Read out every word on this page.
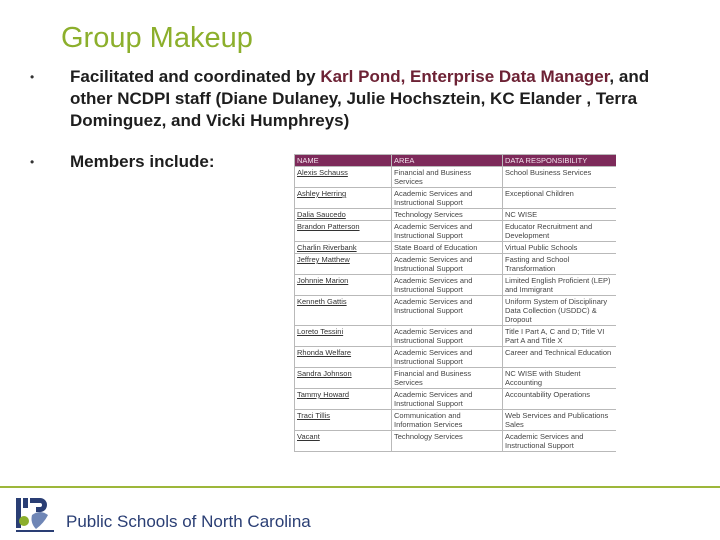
Group Makeup
•	Facilitated and coordinated by Karl Pond, Enterprise Data Manager, and other NCDPI staff (Diane Dulaney, Julie Hochsztein, KC Elander , Terra Dominguez, and Vicki Humphreys)
•	Members include:	NAME	AREA	DATA RESPONSIBILITY
Alexis Schauss	Financial and Business Services	School Business Services
Ashley Herring	Academic Services and Instructional Support	Exceptional Children
Dalia Saucedo	Technology Services	NC WISE
Brandon Patterson	Academic Services and Instructional Support	Educator Recruitment and Development
Charlin Riverbank	State Board of Education	Virtual Public Schools
Jeffrey Matthew	Academic Services and Instructional Support	Fasting and School Transformation
Johnnie Marion	Academic Services and Instructional Support	Limited English Proficient (LEP) and Immigrant
Kenneth Gattis	Academic Services and Instructional Support	Uniform System of Disciplinary Data Collection (USDDC) & Dropout
Loreto Tessini	Academic Services and Instructional Support	Title I Part A, C and D; Title VI Part A and Title X
Rhonda Welfare	Academic Services and Instructional Support	Career and Technical Education
Sandra Johnson	Financial and Business Services	NC WISE with Student Accounting
Tammy Howard	Academic Services and Instructional Support	Accountability Operations
Traci Tillis	Communication and Information Services	Web Services and Publications Sales
Vacant	Technology Services	Academic Services and Instructional Support
Public Schools of North Carolina
